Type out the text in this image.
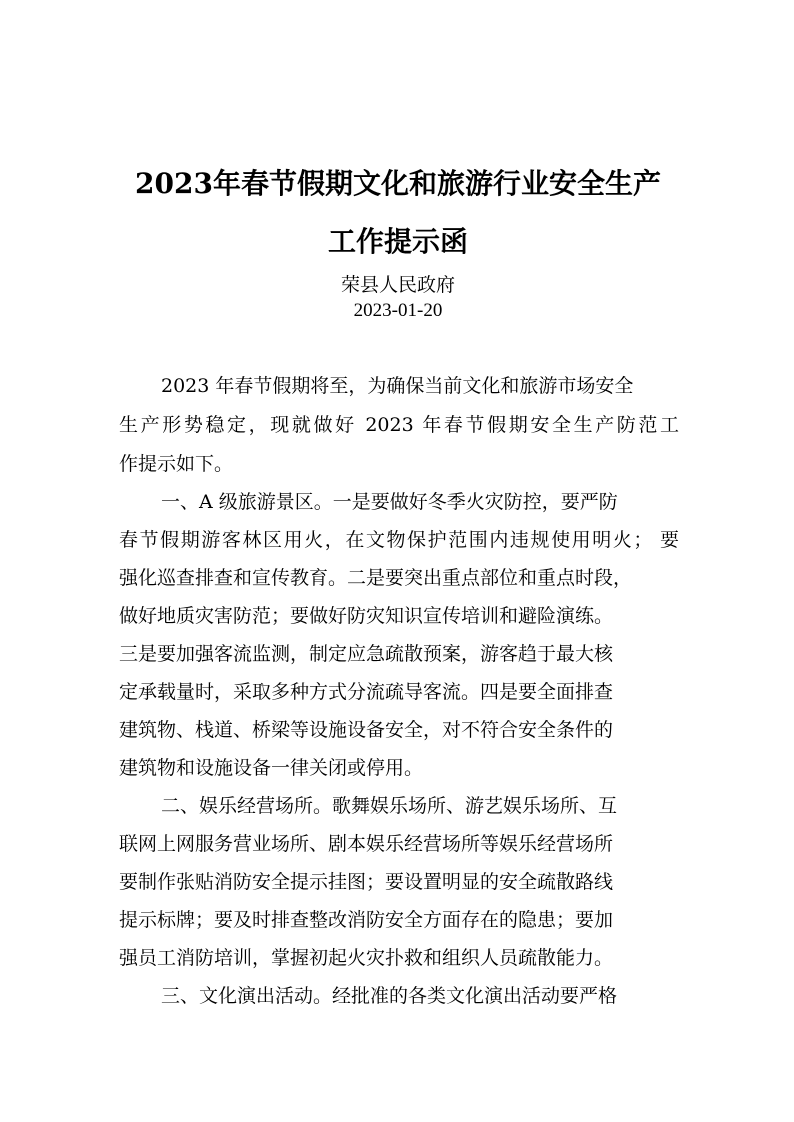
2023年春节假期文化和旅游行业安全生产
工作提示函

荣县人民政府

2023-01-20

2023 年春节假期将至，为确保当前文化和旅游市场安全

生产形势稳定，现就做好 2023 年春节假期安全生产防范工

作提示如下。

一、A 级旅游景区。一是要做好冬季火灾防控，要严防

春节假期游客林区用火，在文物保护范围内违规使用明火； 要

强化巡查排查和宣传教育。二是要突出重点部位和重点时段，

做好地质灾害防范；要做好防灾知识宣传培训和避险演练。

三是要加强客流监测，制定应急疏散预案，游客趋于最大核

定承载量时，采取多种方式分流疏导客流。四是要全面排查

建筑物、栈道、桥梁等设施设备安全，对不符合安全条件的

建筑物和设施设备一律关闭或停用。

二、娱乐经营场所。歌舞娱乐场所、游艺娱乐场所、互

联网上网服务营业场所、剧本娱乐经营场所等娱乐经营场所

要制作张贴消防安全提示挂图；要设置明显的安全疏散路线

提示标牌；要及时排查整改消防安全方面存在的隐患；要加

强员工消防培训，掌握初起火灾扑救和组织人员疏散能力。

三、文化演出活动。经批准的各类文化演出活动要严格
